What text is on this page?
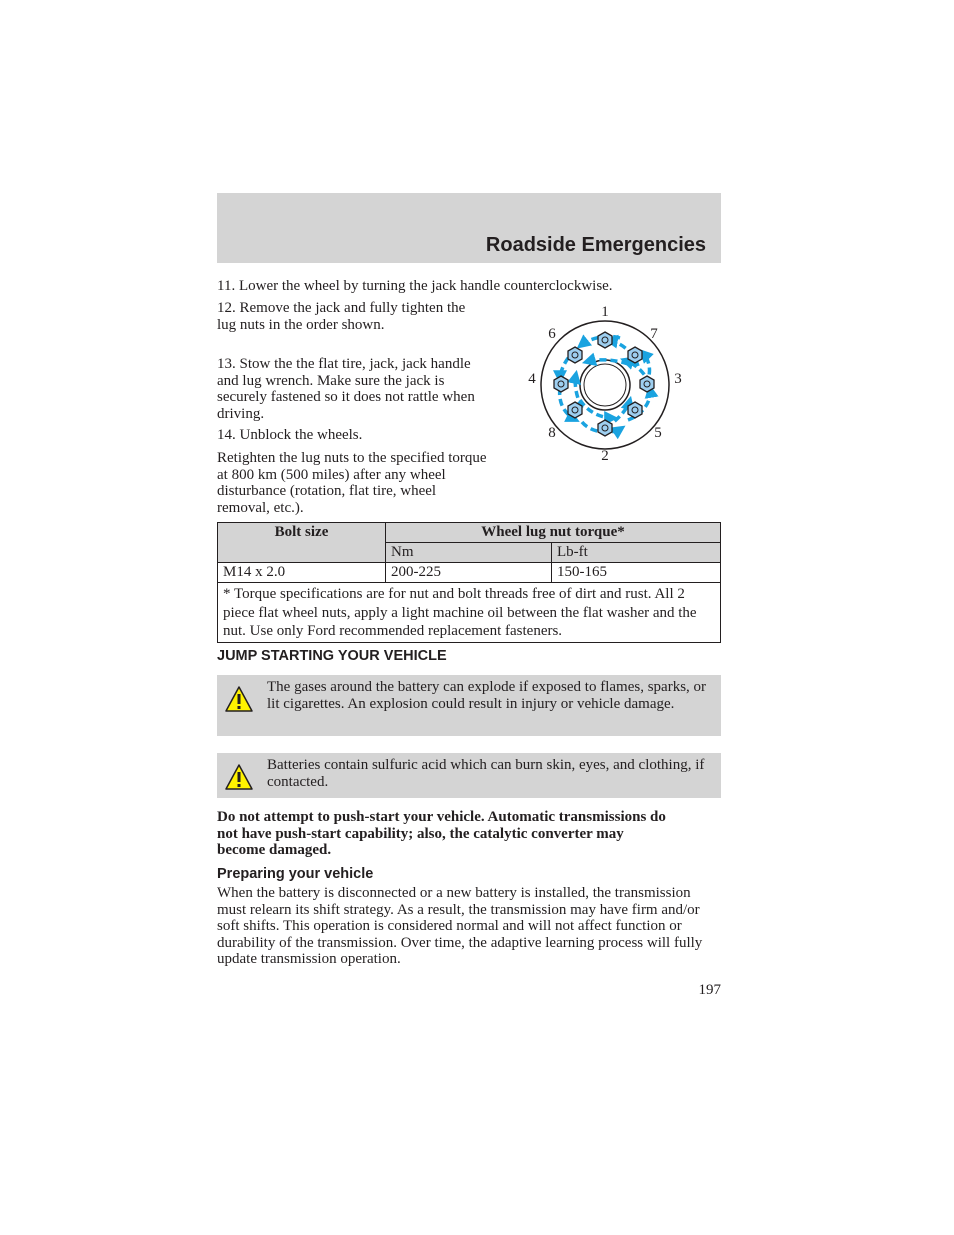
Roadside Emergencies

11. Lower the wheel by turning the jack handle counterclockwise.

12. Remove the jack and fully tighten the lug nuts in the order shown.

13. Stow the the flat tire, jack, jack handle and lug wrench. Make sure the jack is securely fastened so it does not rattle when driving.

14. Unblock the wheels.

Retighten the lug nuts to the specified torque at 800 km (500 miles) after any wheel disturbance (rotation, flat tire, wheel removal, etc.).

1
2
3
4
5
6	7
8
Bolt size	Wheel lug nut torque*	
	Nm	Lb-ft
M14 x 2.0	200-225	150-165
* Torque specifications are for nut and bolt threads free of dirt and rust. All 2 piece flat wheel nuts, apply a light machine oil between the flat washer and the nut. Use only Ford recommended replacement fasteners.		
JUMP STARTING YOUR VEHICLE

The gases around the battery can explode if exposed to flames, sparks, or lit cigarettes. An explosion could result in injury or vehicle damage.

Batteries contain sulfuric acid which can burn skin, eyes, and clothing, if contacted.

Do not attempt to push-start your vehicle. Automatic transmissions do not have push-start capability; also, the catalytic converter may become damaged.

Preparing your vehicle

When the battery is disconnected or a new battery is installed, the transmission must relearn its shift strategy. As a result, the transmission may have firm and/or soft shifts. This operation is considered normal and will not affect function or durability of the transmission. Over time, the adaptive learning process will fully update transmission operation.

197
